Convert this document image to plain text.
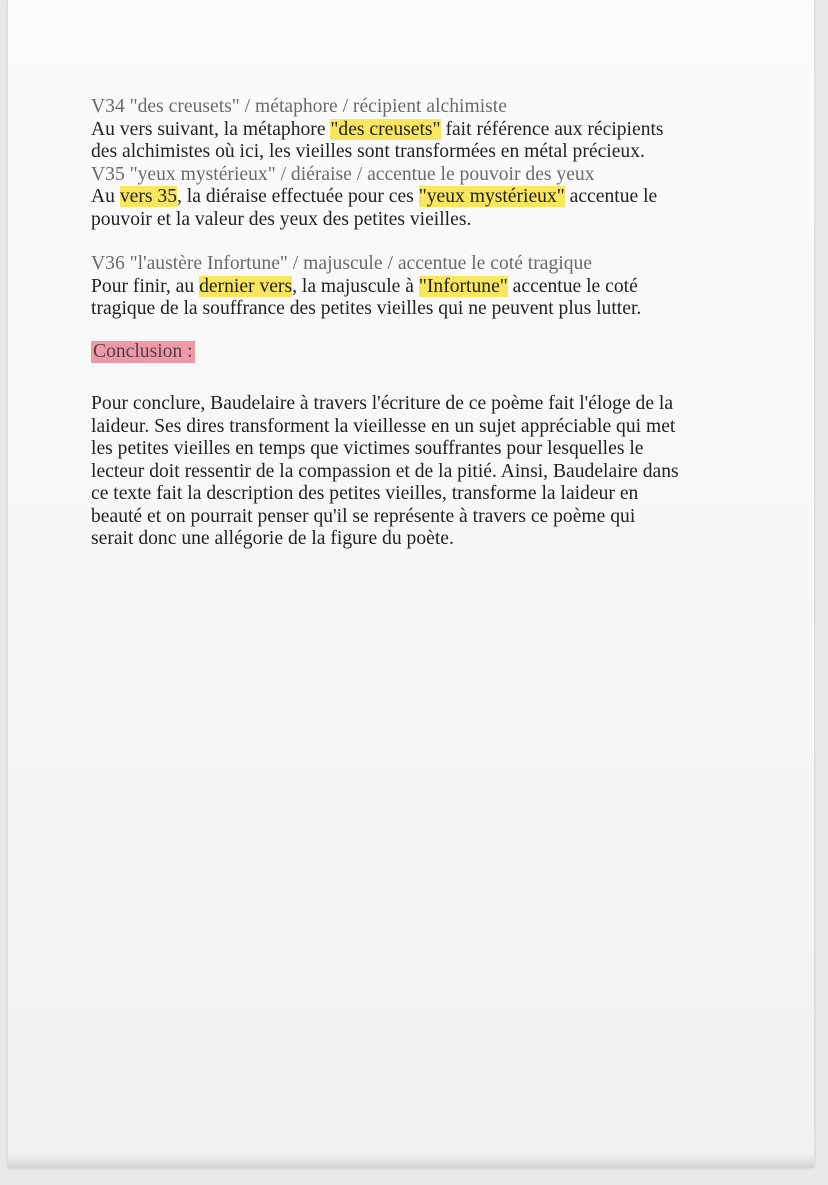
V34 "des creusets" / métaphore / récipient alchimiste
Au vers suivant, la métaphore "des creusets" fait référence aux récipients
des alchimistes où ici, les vieilles sont transformées en métal précieux.
V35 "yeux mystérieux" / diéraise / accentue le pouvoir des yeux
Au vers 35, la diéraise effectuée pour ces "yeux mystérieux" accentue le
pouvoir et la valeur des yeux des petites vieilles.
V36 "l'austère Infortune" / majuscule / accentue le coté tragique
Pour finir, au dernier vers, la majuscule à "Infortune" accentue le coté
tragique de la souffrance des petites vieilles qui ne peuvent plus lutter.
Conclusion :
Pour conclure, Baudelaire à travers l'écriture de ce poème fait l'éloge de la
laideur. Ses dires transforment la vieillesse en un sujet appréciable qui met
les petites vieilles en temps que victimes souffrantes pour lesquelles le
lecteur doit ressentir de la compassion et de la pitié. Ainsi, Baudelaire dans
ce texte fait la description des petites vieilles, transforme la laideur en
beauté et on pourrait penser qu'il se représente à travers ce poème qui
serait donc une allégorie de la figure du poète.
